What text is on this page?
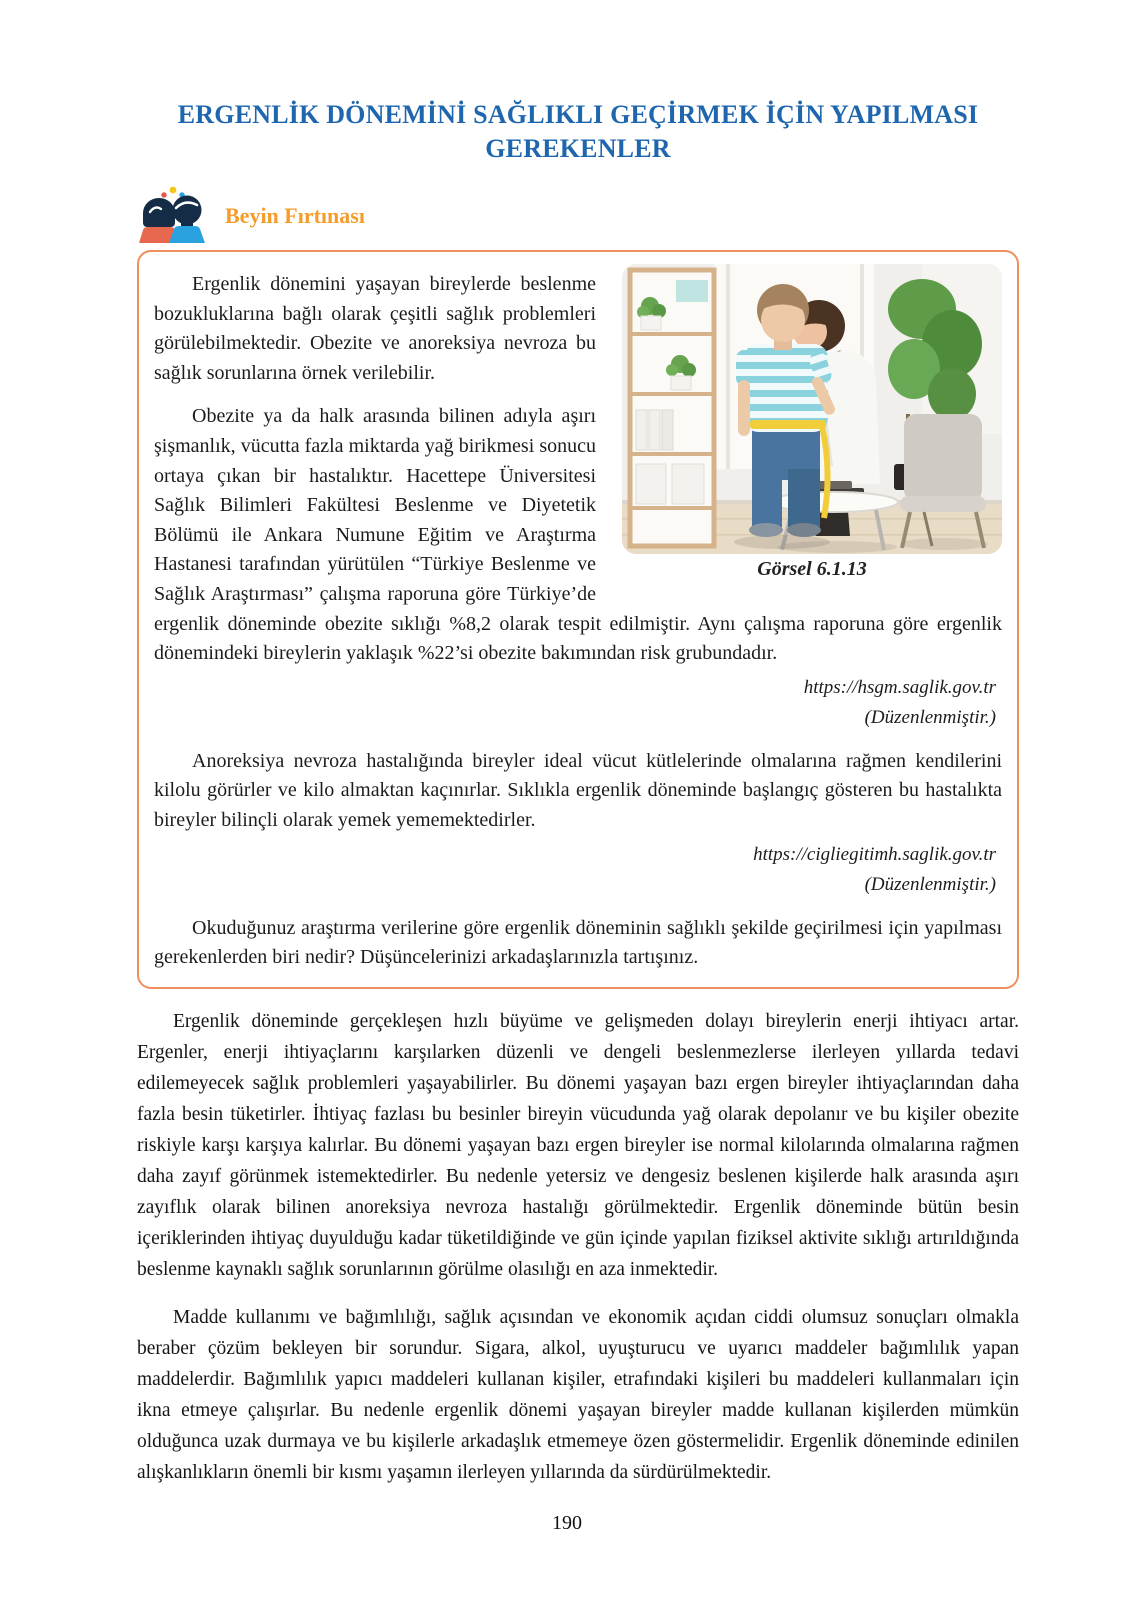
ERGENLİK DÖNEMİNİ SAĞLIKLI GEÇİRMEK İÇİN YAPILMASI
GEREKENLER
Beyin Fırtınası
Görsel 6.1.13

Ergenlik dönemini yaşayan bireylerde beslenme bozukluklarına bağlı olarak çeşitli sağlık problemleri görülebilmektedir. Obezite ve anoreksiya nevroza bu sağlık sorunlarına örnek verilebilir.

Obezite ya da halk arasında bilinen adıyla aşırı şişmanlık, vücutta fazla miktarda yağ birikmesi sonucu ortaya çıkan bir hastalıktır. Hacettepe Üniversitesi Sağlık Bilimleri Fakültesi Beslenme ve Diyetetik Bölümü ile Ankara Numune Eğitim ve Araştırma Hastanesi tarafından yürütülen “Türkiye Beslenme ve Sağlık Araştırması” çalışma raporuna göre Türkiye’de ergenlik döneminde obezite sıklığı %8,2 olarak tespit edilmiştir. Aynı çalışma raporuna göre ergenlik dönemindeki bireylerin yaklaşık %22’si obezite bakımından risk grubundadır.

https://hsgm.saglik.gov.tr
(Düzenlenmiştir.)

Anoreksiya nevroza hastalığında bireyler ideal vücut kütlelerinde olmalarına rağmen kendilerini kilolu görürler ve kilo almaktan kaçınırlar. Sıklıkla ergenlik döneminde başlangıç gösteren bu hastalıkta bireyler bilinçli olarak yemek yememektedirler.

https://cigliegitimh.saglik.gov.tr
(Düzenlenmiştir.)

Okuduğunuz araştırma verilerine göre ergenlik döneminin sağlıklı şekilde geçirilmesi için yapılması gerekenlerden biri nedir? Düşüncelerinizi arkadaşlarınızla tartışınız.

Ergenlik döneminde gerçekleşen hızlı büyüme ve gelişmeden dolayı bireylerin enerji ihtiyacı artar. Ergenler, enerji ihtiyaçlarını karşılarken düzenli ve dengeli beslenmezlerse ilerleyen yıllarda tedavi edilemeyecek sağlık problemleri yaşayabilirler. Bu dönemi yaşayan bazı ergen bireyler ihtiyaçlarından daha fazla besin tüketirler. İhtiyaç fazlası bu besinler bireyin vücudunda yağ olarak depolanır ve bu kişiler obezite riskiyle karşı karşıya kalırlar. Bu dönemi yaşayan bazı ergen bireyler ise normal kilolarında olmalarına rağmen daha zayıf görünmek istemektedirler. Bu nedenle yetersiz ve dengesiz beslenen kişilerde halk arasında aşırı zayıflık olarak bilinen anoreksiya nevroza hastalığı görülmektedir. Ergenlik döneminde bütün besin içeriklerinden ihtiyaç duyulduğu kadar tüketildiğinde ve gün içinde yapılan fiziksel aktivite sıklığı artırıldığında beslenme kaynaklı sağlık sorunlarının görülme olasılığı en aza inmektedir.

Madde kullanımı ve bağımlılığı, sağlık açısından ve ekonomik açıdan ciddi olumsuz sonuçları olmakla beraber çözüm bekleyen bir sorundur. Sigara, alkol, uyuşturucu ve uyarıcı maddeler bağımlılık yapan maddelerdir. Bağımlılık yapıcı maddeleri kullanan kişiler, etrafındaki kişileri bu maddeleri kullanmaları için ikna etmeye çalışırlar. Bu nedenle ergenlik dönemi yaşayan bireyler madde kullanan kişilerden mümkün olduğunca uzak durmaya ve bu kişilerle arkadaşlık etmemeye özen göstermelidir. Ergenlik döneminde edinilen alışkanlıkların önemli bir kısmı yaşamın ilerleyen yıllarında da sürdürülmektedir.

190
